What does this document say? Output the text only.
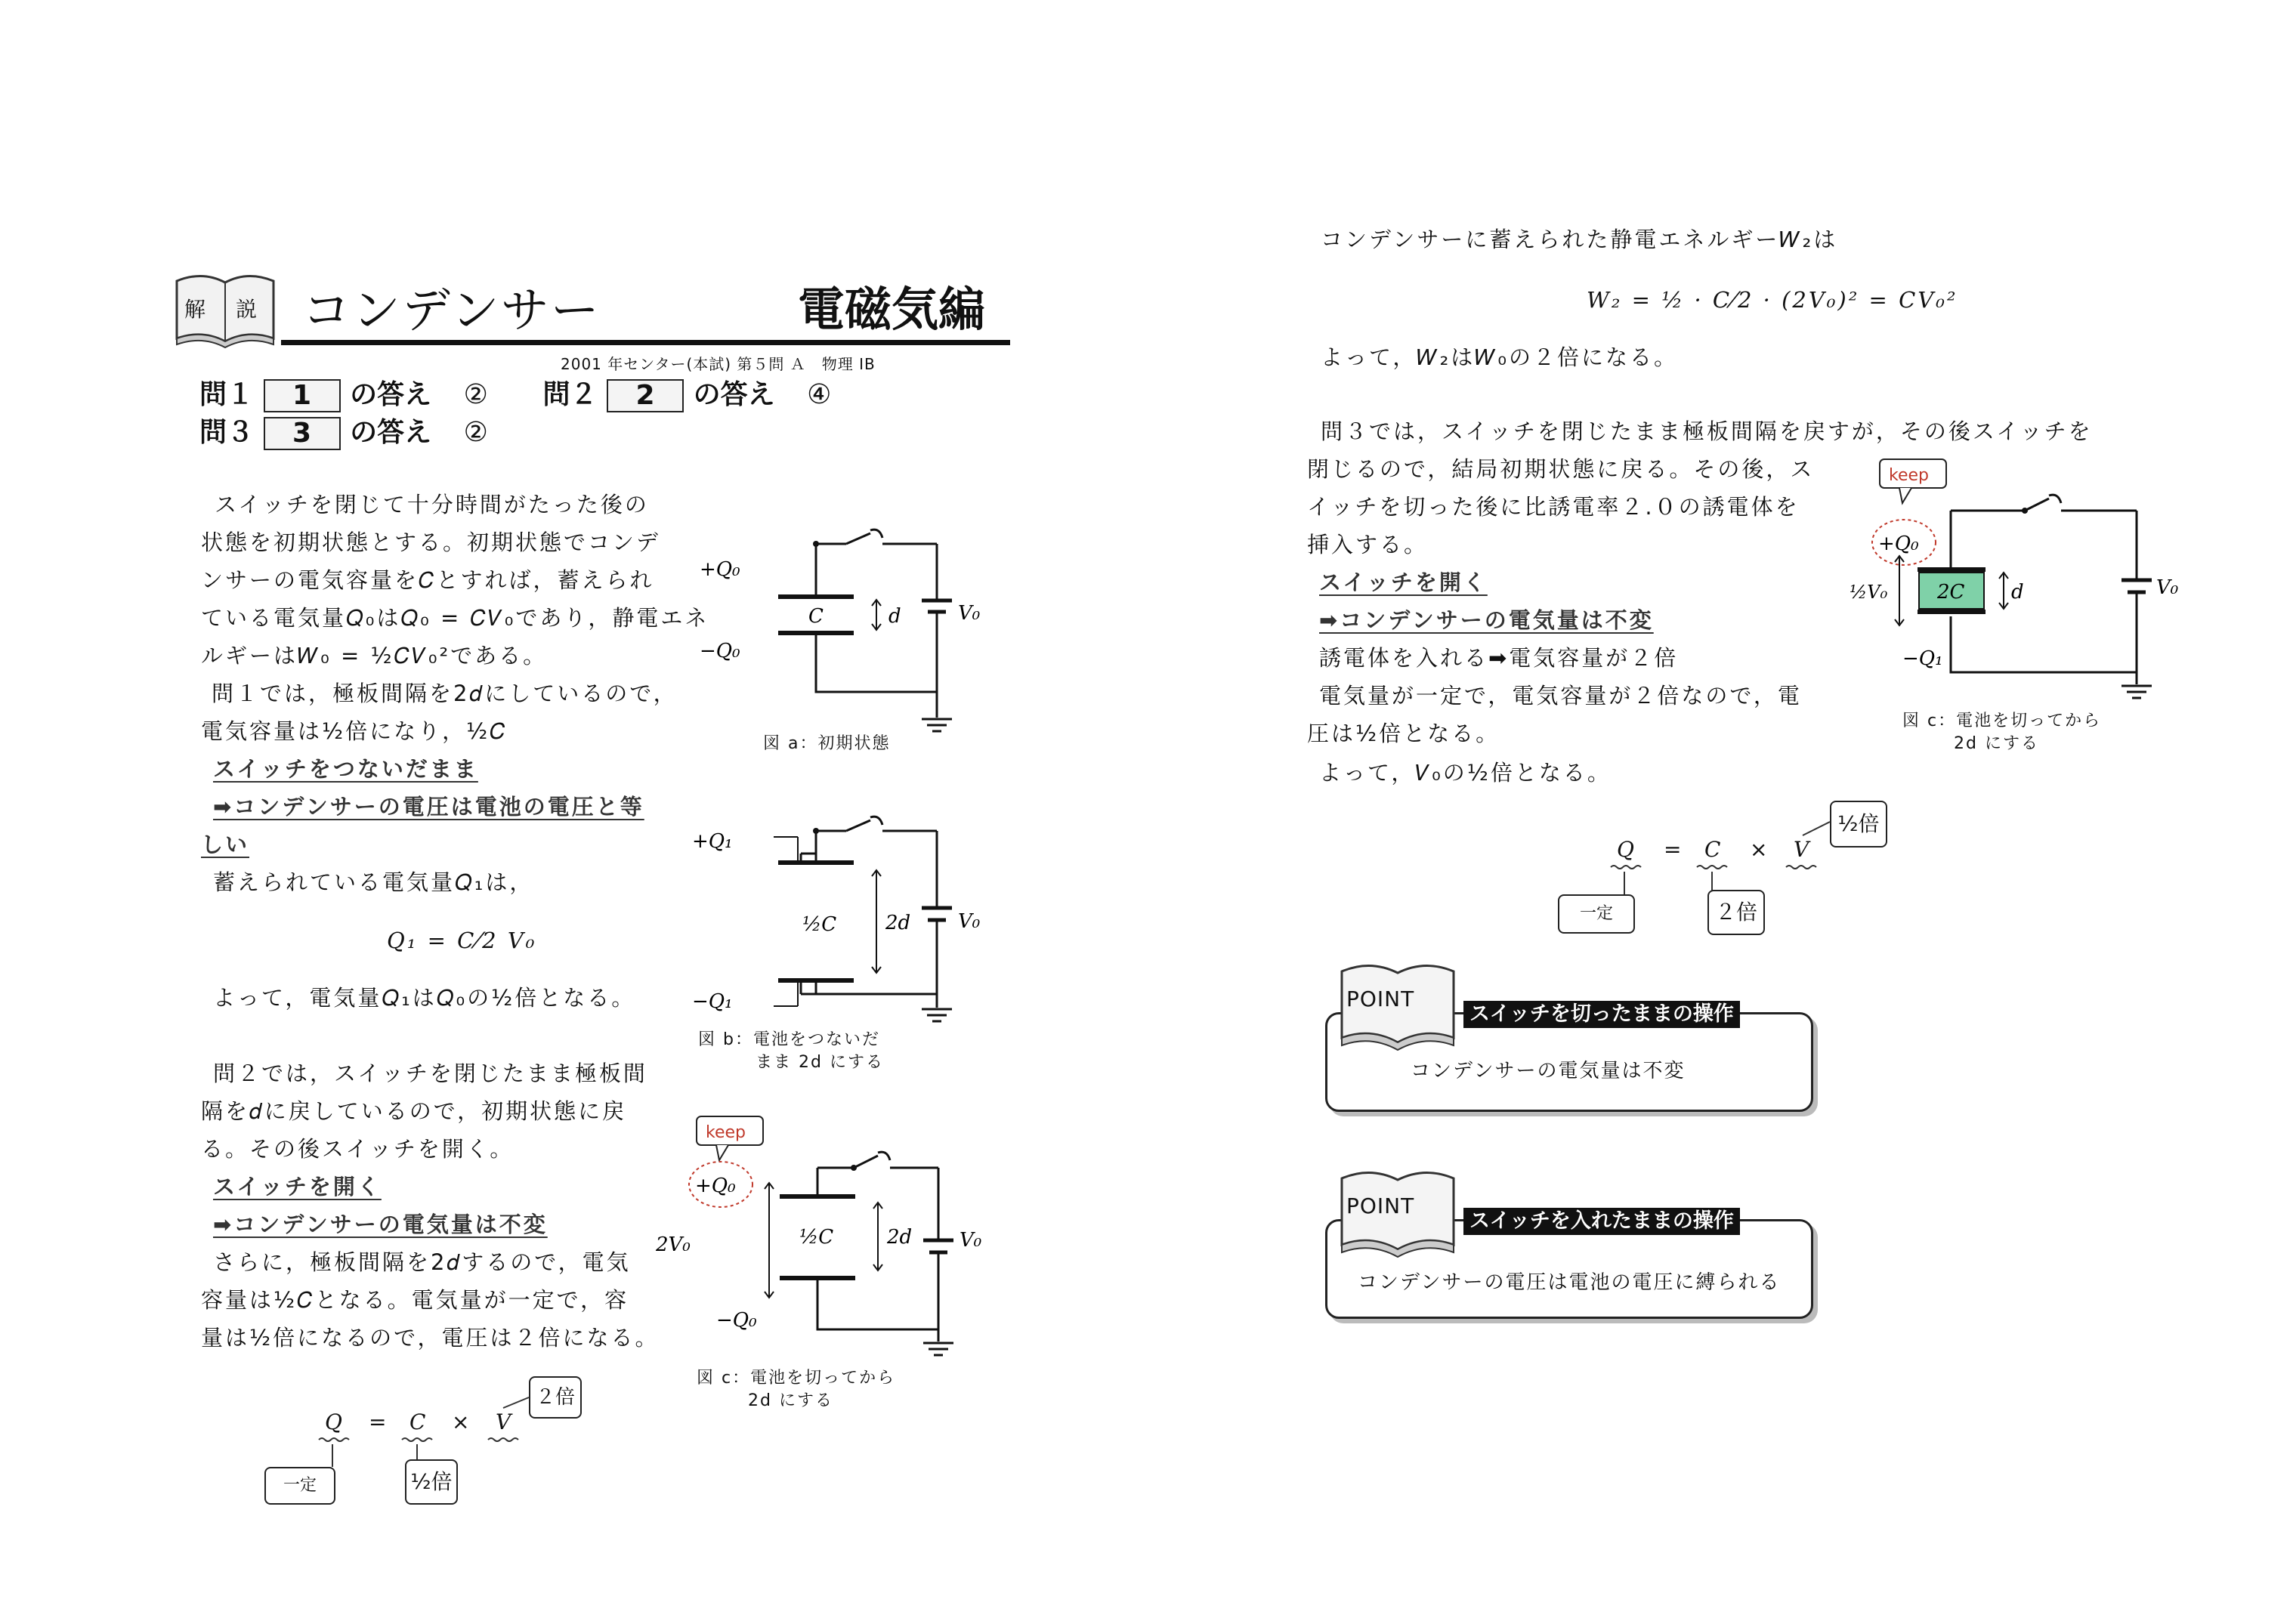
解 説 コンデンサー	電磁気編
2001 年センター(本試) 第５問 Ａ　物理 IB
問１ 1 の答え ② 問２ 2 の答え ④
問３ 3 の答え ②
スイッチを閉じて十分時間がたった後の
状態を初期状態とする。初期状態でコンデ
ンサーの電気容量を𝐶とすれば，蓄えられ
ている電気量𝑄₀は𝑄₀ = 𝐶𝑉₀であり，静電エネ
ルギーは𝑊₀ = ½𝐶𝑉₀²である。
問１では，極板間隔を2𝑑にしているので，
電気容量は½倍になり，½𝐶
スイッチをつないだまま
➡コンデンサーの電圧は電池の電圧と等
しい
蓄えられている電気量𝑄₁は，
𝑄₁ = 𝐶⁄2 𝑉₀
よって，電気量𝑄₁は𝑄₀の½倍となる。
問２では，スイッチを閉じたまま極板間
隔を𝑑に戻しているので，初期状態に戻
る。その後スイッチを開く。
スイッチを開く
➡コンデンサーの電気量は不変
さらに，極板間隔を2𝑑するので，電気
容量は½𝐶となる。電気量が一定で，容
量は½倍になるので，電圧は２倍になる。
𝑄 = 𝐶 × 𝑉
一定	½倍
２倍
+𝑄₀
−𝑄₀
𝐶	𝑑	𝑉₀
図 a：初期状態
+𝑄₁
−𝑄₁
½𝐶 2𝑑 𝑉₀
図 b：電池をつないだ
まま 2d にする
keep
+𝑄₀
−𝑄₀
2𝑉₀	½𝐶	2𝑑 𝑉₀
図 c：電池を切ってから
2d にする
コンデンサーに蓄えられた静電エネルギー𝑊₂は
𝑊₂ = ½ · 𝐶⁄2 · (2𝑉₀)² = 𝐶𝑉₀²
よって，𝑊₂は𝑊₀の２倍になる。
問３では，スイッチを閉じたまま極板間隔を戻すが，その後スイッチを
閉じるので，結局初期状態に戻る。その後，ス
イッチを切った後に比誘電率２.０の誘電体を
挿入する。
スイッチを開く
➡コンデンサーの電気量は不変
誘電体を入れる➡電気容量が２倍
電気量が一定で，電気容量が２倍なので，電
圧は½倍となる。
よって，𝑉₀の½倍となる。
keep
+𝑄₀
−𝑄₁
½𝑉₀	2𝐶 𝑑	𝑉₀
図 c：電池を切ってから
2d にする
𝑄 = 𝐶 × 𝑉
一定	２倍
½倍
スイッチを切ったままの操作
コンデンサーの電気量は不変
POINT
スイッチを入れたままの操作
コンデンサーの電圧は電池の電圧に縛られる
POINT
